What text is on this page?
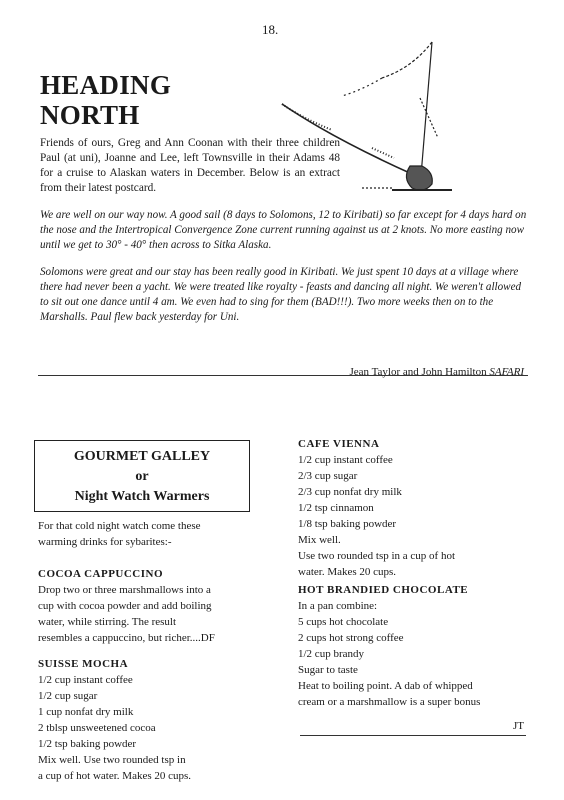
18.
HEADING
NORTH
Friends of ours, Greg and Ann Coonan with their three children Paul (at uni), Joanne and Lee, left Townsville in their Adams 48 for a cruise to Alaskan waters in December. Below is an extract from their latest postcard.
We are well on our way now. A good sail (8 days to Solomons, 12 to Kiribati) so far except for 4 days hard on the nose and the Intertropical Convergence Zone current running against us at 2 knots. No more easting now until we get to 30° - 40° then across to Sitka Alaska.
Solomons were great and our stay has been really good in Kiribati. We just spent 10 days at a village where there had never been a yacht. We were treated like royalty - feasts and dancing all night. We weren't allowed to sit out one dance until 4 am. We even had to sing for them (BAD!!!). Two more weeks then on to the Marshalls. Paul flew back yesterday for Uni.
Jean Taylor and John Hamilton SAFARI
GOURMET GALLEY
or
Night Watch Warmers
For that cold night watch come these
warming drinks for sybarites:-
COCOA CAPPUCCINO
Drop two or three marshmallows into a
cup with cocoa powder and add boiling
water, while stirring. The result
resembles a cappuccino, but richer....DF
SUISSE MOCHA
1/2 cup instant coffee
1/2 cup sugar
1 cup nonfat dry milk
2 tblsp unsweetened cocoa
1/2 tsp baking powder
Mix well. Use two rounded tsp in
a cup of hot water. Makes 20 cups.
CAFE VIENNA
1/2 cup instant coffee
2/3 cup sugar
2/3 cup nonfat dry milk
1/2 tsp cinnamon
1/8 tsp baking powder
Mix well.
Use two rounded tsp in a cup of hot
water. Makes 20 cups.
HOT BRANDIED CHOCOLATE
In a pan combine:
5 cups hot chocolate
2 cups hot strong coffee
1/2 cup brandy
Sugar to taste
Heat to boiling point. A dab of whipped
cream or a marshmallow is a super bonus
JT
